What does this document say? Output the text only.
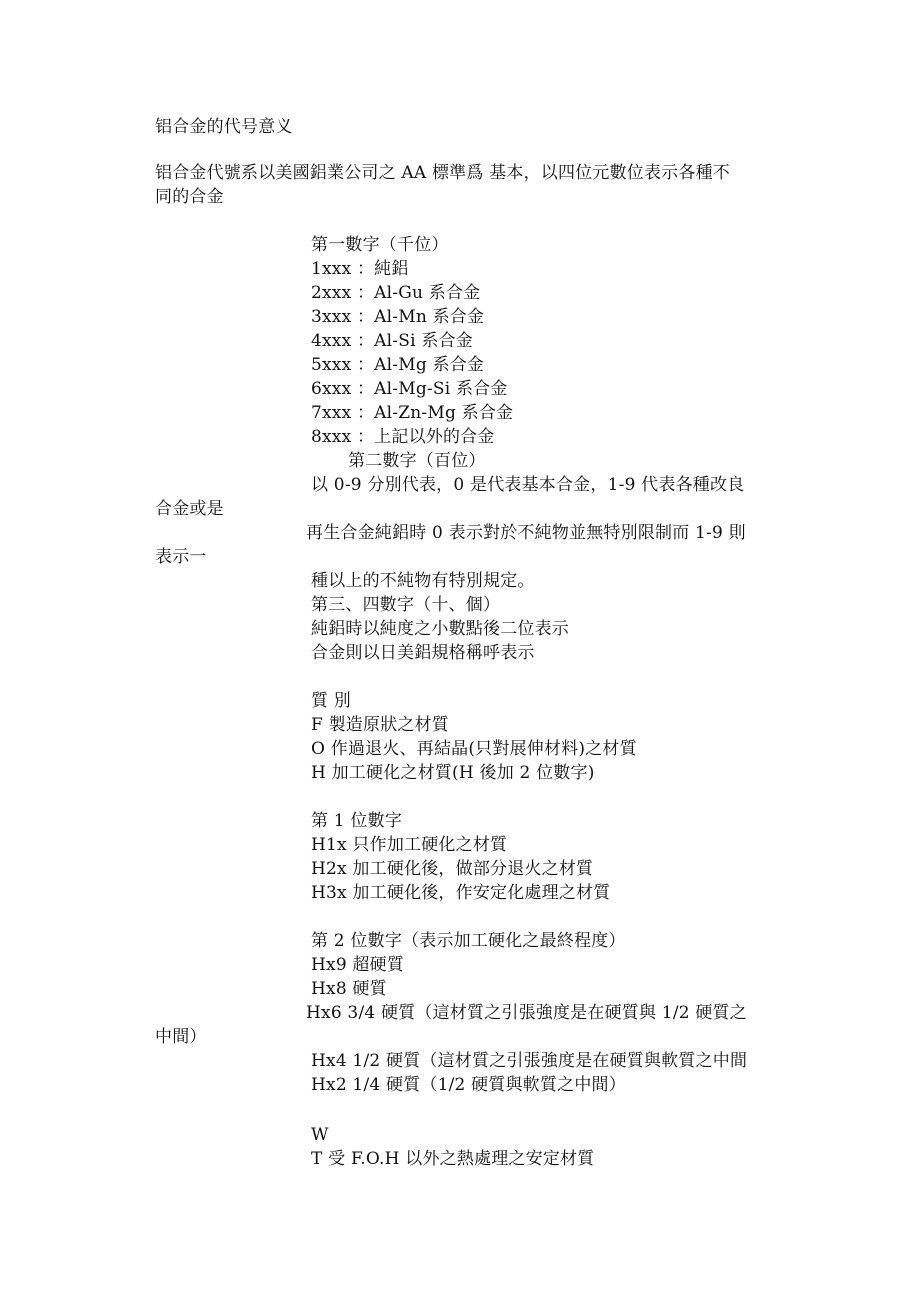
铝合金的代号意义
铝合金代號系以美國鋁業公司之 AA 標準爲 基本，以四位元數位表示各種不
同的合金
第一數字（千位）
1xxx ：純鋁
2xxx ：Al-Gu 系合金
3xxx ：Al-Mn 系合金
4xxx ：Al-Si 系合金
5xxx ：Al-Mg 系合金
6xxx ：Al-Mg-Si 系合金
7xxx ：Al-Zn-Mg 系合金
8xxx ：上記以外的合金
第二數字（百位）
以 0-9 分別代表，0 是代表基本合金，1-9 代表各種改良
合金或是
再生合金純鋁時 0 表示對於不純物並無特別限制而 1-9 則
表示一
種以上的不純物有特別規定。
第三、四數字（十、個）
純鋁時以純度之小數點後二位表示
合金則以日美鋁規格稱呼表示
質 別
F 製造原狀之材質
O 作過退火、再結晶(只對展伸材料)之材質
H 加工硬化之材質(H 後加 2 位數字)
第 1 位數字
H1x 只作加工硬化之材質
H2x 加工硬化後，做部分退火之材質
H3x 加工硬化後，作安定化處理之材質
第 2 位數字（表示加工硬化之最終程度）
Hx9 超硬質
Hx8 硬質
Hx6 3/4 硬質（這材質之引張強度是在硬質與 1/2 硬質之
中間）
Hx4 1/2 硬質（這材質之引張強度是在硬質與軟質之中間
Hx2 1/4 硬質（1/2 硬質與軟質之中間）
W
T 受 F.O.H 以外之熱處理之安定材質
